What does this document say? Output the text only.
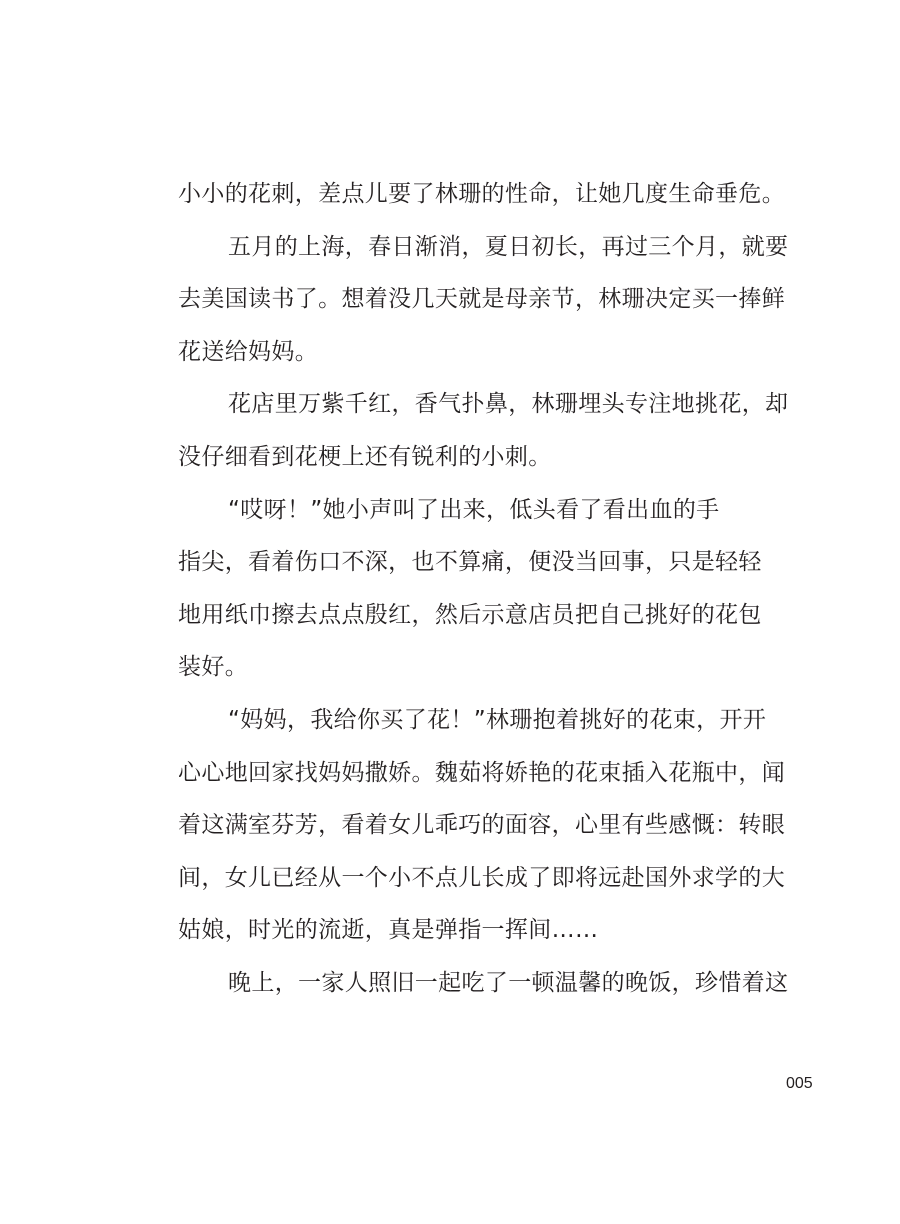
小小的花刺，差点儿要了林珊的性命，让她几度生命垂危。
五月的上海，春日渐消，夏日初长，再过三个月，就要
去美国读书了。想着没几天就是母亲节，林珊决定买一捧鲜
花送给妈妈。
花店里万紫千红，香气扑鼻，林珊埋头专注地挑花，却
没仔细看到花梗上还有锐利的小刺。
“哎呀！”她小声叫了出来，低头看了看出血的手
指尖，看着伤口不深，也不算痛，便没当回事，只是轻轻
地用纸巾擦去点点殷红，然后示意店员把自己挑好的花包
装好。
“妈妈，我给你买了花！”林珊抱着挑好的花束，开开
心心地回家找妈妈撒娇。魏茹将娇艳的花束插入花瓶中，闻
着这满室芬芳，看着女儿乖巧的面容，心里有些感慨：转眼
间，女儿已经从一个小不点儿长成了即将远赴国外求学的大
姑娘，时光的流逝，真是弹指一挥间……
晚上，一家人照旧一起吃了一顿温馨的晚饭，珍惜着这
005
